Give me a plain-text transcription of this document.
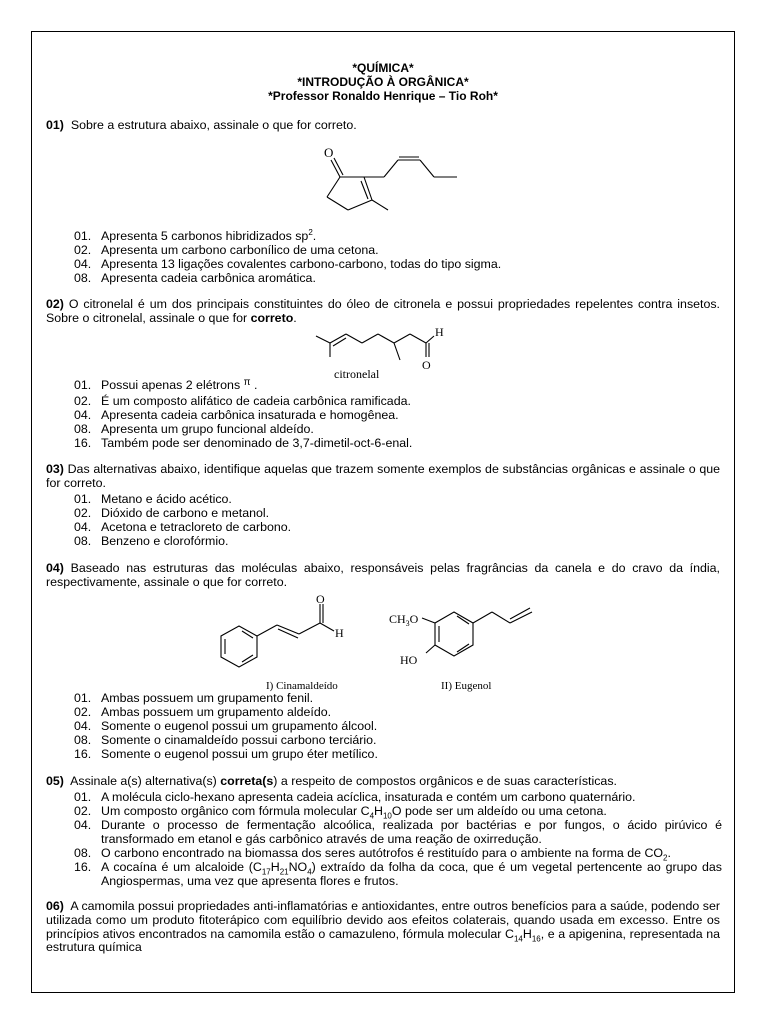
*QUÍMICA*
*INTRODUÇÃO À ORGÂNICA*
*Professor Ronaldo Henrique – Tio Roh*
01) Sobre a estrutura abaixo, assinale o que for correto.
O
01. Apresenta 5 carbonos hibridizados $sp^2$.
02. Apresenta um carbono carbonílico de uma cetona.
04. Apresenta 13 ligações covalentes carbono-carbono, todas do tipo sigma.
08. Apresenta cadeia carbônica aromática.
02) O citronelal é um dos principais constituintes do óleo de citronela e possui propriedades repelentes contra insetos. Sobre o citronelal, assinale o que for correto.
H
O
citronelal
01. Possui apenas 2 elétrons $^\pi$ .
02. É um composto alifático de cadeia carbônica ramificada.
04. Apresenta cadeia carbônica insaturada e homogênea.
08. Apresenta um grupo funcional aldeído.
16. Também pode ser denominado de 3,7-dimetil-oct-6-enal.
03) Das alternativas abaixo, identifique aquelas que trazem somente exemplos de substâncias orgânicas e assinale o que for correto.
01. Metano e ácido acético.
02. Dióxido de carbono e metanol.
04. Acetona e tetracloreto de carbono.
08. Benzeno e clorofórmio.
04) Baseado nas estruturas das moléculas abaixo, responsáveis pelas fragrâncias da canela e do cravo da índia, respectivamente, assinale o que for correto.
O
H
I) Cinamaldeído
$CH_3O$
HO
II) Eugenol
01. Ambas possuem um grupamento fenil.
02. Ambas possuem um grupamento aldeído.
04. Somente o eugenol possui um grupamento álcool.
08. Somente o cinamaldeído possui carbono terciário.
16. Somente o eugenol possui um grupo éter metílico.
05) Assinale a(s) alternativa(s) correta(s) a respeito de compostos orgânicos e de suas características.
01. A molécula ciclo-hexano apresenta cadeia acíclica, insaturada e contém um carbono quaternário.
02. Um composto orgânico com fórmula molecular $C_4H_{10}O$ pode ser um aldeído ou uma cetona.
04. Durante o processo de fermentação alcoólica, realizada por bactérias e por fungos, o ácido pirúvico é transformado em etanol e gás carbônico através de uma reação de oxirredução.
08. O carbono encontrado na biomassa dos seres autótrofos é restituído para o ambiente na forma de $CO_2$.
16. A cocaína é um alcaloide $(C_{17}H_{21}NO_4)$ extraído da folha da coca, que é um vegetal pertencente ao grupo das Angiospermas, uma vez que apresenta flores e frutos.
06) A camomila possui propriedades anti-inflamatórias e antioxidantes, entre outros benefícios para a saúde, podendo ser utilizada como um produto fitoterápico com equilíbrio devido aos efeitos colaterais, quando usada em excesso. Entre os princípios ativos encontrados na camomila estão o camazuleno, fórmula molecular $C_{14}H_{16}$, e a apigenina, representada na estrutura química
